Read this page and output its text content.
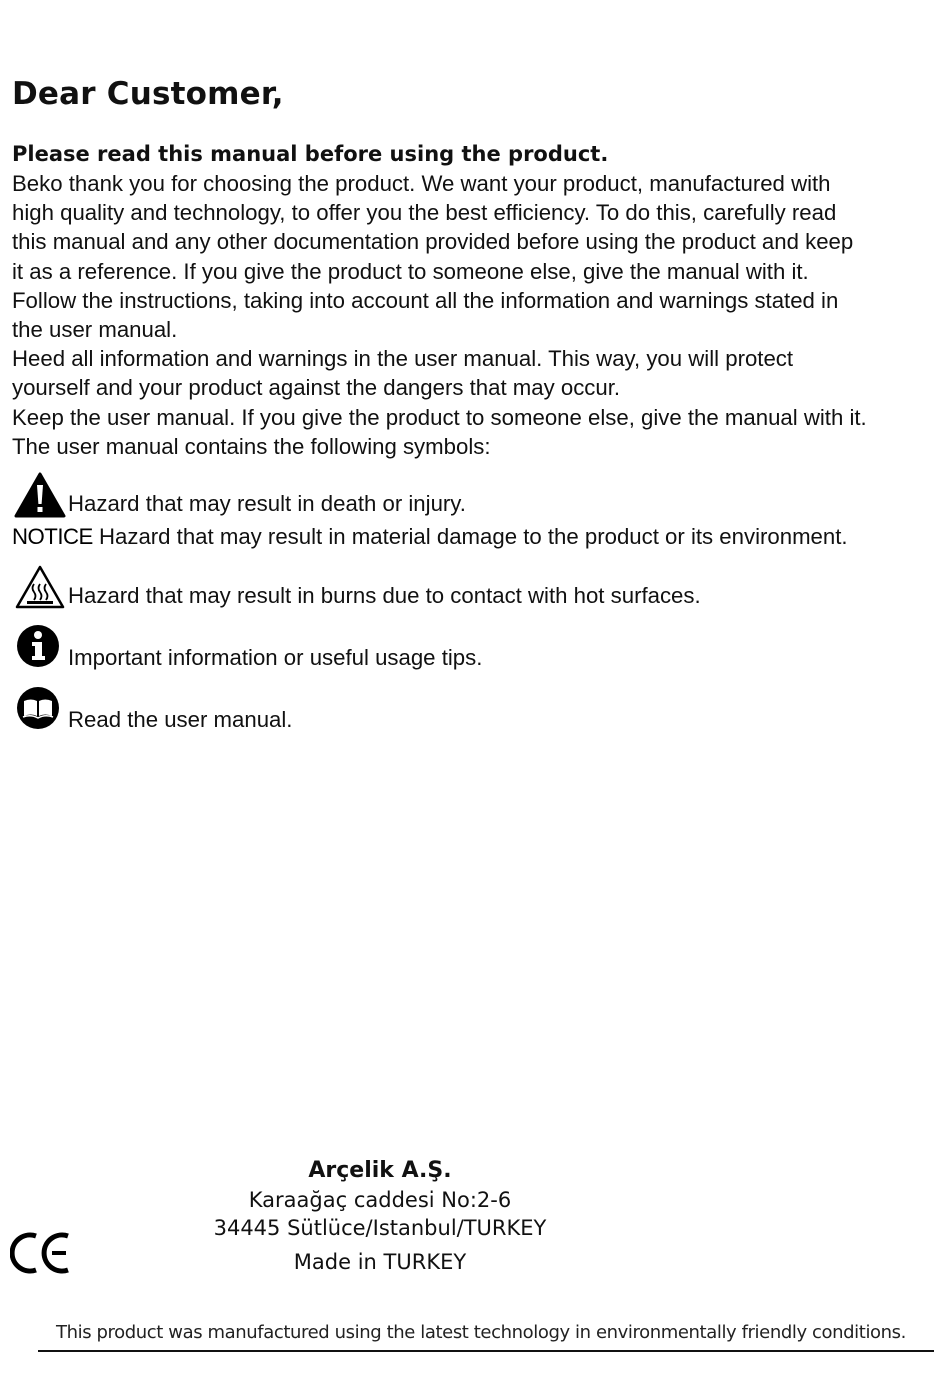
Dear Customer,

Please read this manual before using the product.

Beko thank you for choosing the product. We want your product, manufactured with

high quality and technology, to offer you the best efficiency. To do this, carefully read

this manual and any other documentation provided before using the product and keep

it as a reference. If you give the product to someone else, give the manual with it.

Follow the instructions, taking into account all the information and warnings stated in

the user manual.

Heed all information and warnings in the user manual. This way, you will protect

yourself and your product against the dangers that may occur.

Keep the user manual. If you give the product to someone else, give the manual with it.

The user manual contains the following symbols:

Hazard that may result in death or injury.
NOTICE Hazard that may result in material damage to the product or its environment.
Hazard that may result in burns due to contact with hot surfaces.
Important information or useful usage tips.
Read the user manual.
Arçelik A.Ş.
Karaağaç caddesi No:2-6
34445 Sütlüce/Istanbul/TURKEY
Made in TURKEY
This product was manufactured using the latest technology in environmentally friendly conditions.
